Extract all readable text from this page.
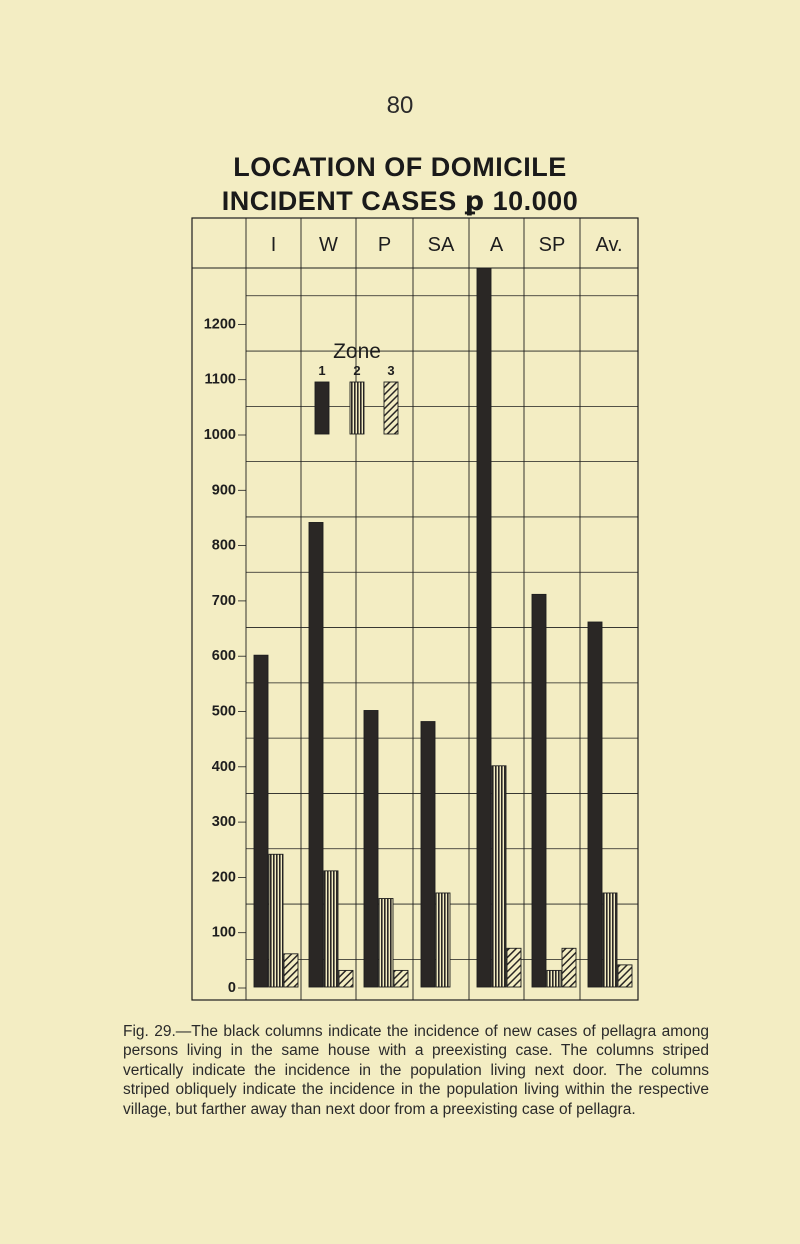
80
LOCATION OF DOMICILE
INCIDENT CASES ꝑ 10.000
0
100
200
300
400
500
600
700
800
900
1000
1100
1200
I W P SA A SP Av.
Zone
1 2 3
Fig. 29.—The black columns indicate the incidence of new cases of pellagra among persons living in the same house with a preexisting case. The columns striped vertically indicate the incidence in the population living next door. The columns striped obliquely indicate the incidence in the population living within the respective village, but farther away than next door from a preexisting case of pellagra.
